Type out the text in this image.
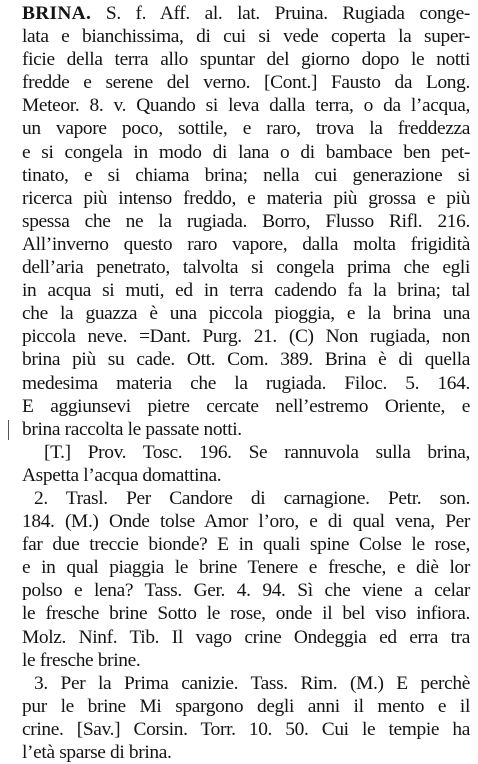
BRINA. S. f. Aff. al. lat. Pruina. Rugiada conge-
lata e bianchissima, di cui si vede coperta la super-
ficie della terra allo spuntar del giorno dopo le notti
fredde e serene del verno. [Cont.] Fausto da Long.
Meteor. 8. v. Quando si leva dalla terra, o da l’acqua,
un vapore poco, sottile, e raro, trova la freddezza
e si congela in modo di lana o di bambace ben pet-
tinato, e si chiama brina; nella cui generazione si
ricerca più intenso freddo, e materia più grossa e più
spessa che ne la rugiada. Borro, Flusso Rifl. 216.
All’inverno questo raro vapore, dalla molta frigidità
dell’aria penetrato, talvolta si congela prima che egli
in acqua si muti, ed in terra cadendo fa la brina; tal
che la guazza è una piccola pioggia, e la brina una
piccola neve. =Dant. Purg. 21. (C) Non rugiada, non
brina più su cade. Ott. Com. 389. Brina è di quella
medesima materia che la rugiada. Filoc. 5. 164.
E aggiunsevi pietre cercate nell’estremo Oriente, e
brina raccolta le passate notti.
[T.] Prov. Tosc. 196. Se rannuvola sulla brina,
Aspetta l’acqua domattina.
2. Trasl. Per Candore di carnagione. Petr. son.
184. (M.) Onde tolse Amor l’oro, e di qual vena, Per
far due treccie bionde? E in quali spine Colse le rose,
e in qual piaggia le brine Tenere e fresche, e diè lor
polso e lena? Tass. Ger. 4. 94. Sì che viene a celar
le fresche brine Sotto le rose, onde il bel viso infiora.
Molz. Ninf. Tib. Il vago crine Ondeggia ed erra tra
le fresche brine.
3. Per la Prima canizie. Tass. Rim. (M.) E perchè
pur le brine Mi spargono degli anni il mento e il
crine. [Sav.] Corsin. Torr. 10. 50. Cui le tempie ha
l’età sparse di brina.
